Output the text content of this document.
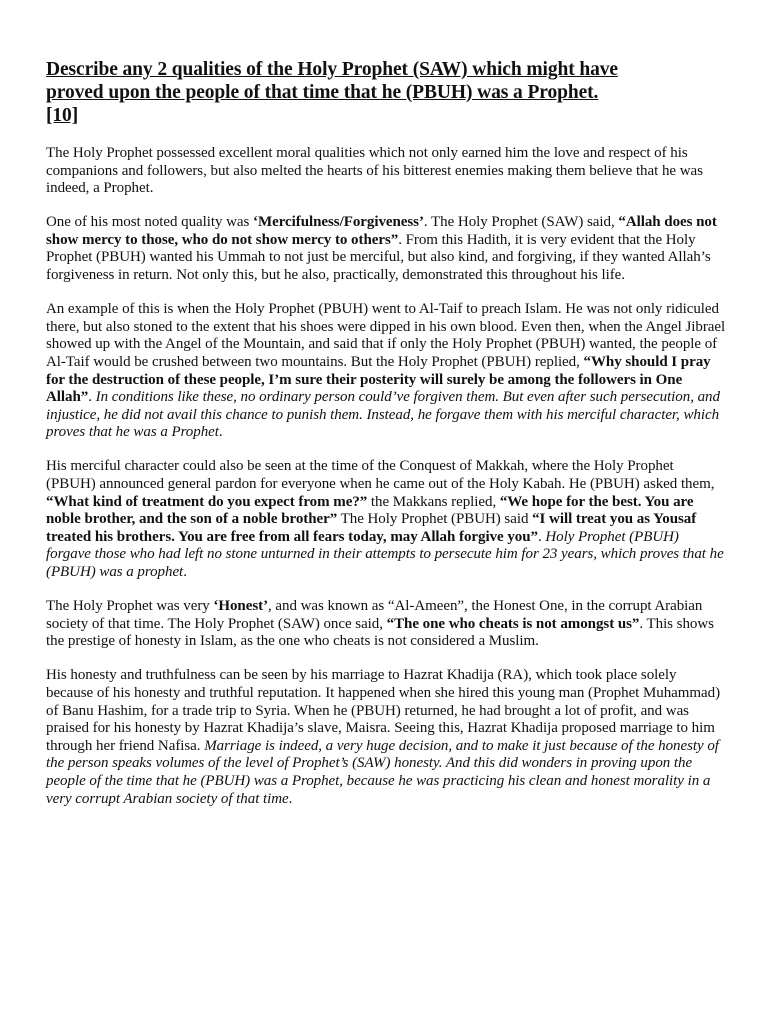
Describe any 2 qualities of the Holy Prophet (SAW) which might have
proved upon the people of that time that he (PBUH) was a Prophet.
[10]

The Holy Prophet possessed excellent moral qualities which not only earned him the love and respect of his companions and followers, but also melted the hearts of his bitterest enemies making them believe that he was indeed, a Prophet.

One of his most noted quality was ‘Mercifulness/Forgiveness’. The Holy Prophet (SAW) said, “Allah does not show mercy to those, who do not show mercy to others”. From this Hadith, it is very evident that the Holy Prophet (PBUH) wanted his Ummah to not just be merciful, but also kind, and forgiving, if they wanted Allah’s forgiveness in return. Not only this, but he also, practically, demonstrated this throughout his life.

An example of this is when the Holy Prophet (PBUH) went to Al-Taif to preach Islam. He was not only ridiculed there, but also stoned to the extent that his shoes were dipped in his own blood. Even then, when the Angel Jibrael showed up with the Angel of the Mountain, and said that if only the Holy Prophet (PBUH) wanted, the people of Al-Taif would be crushed between two mountains. But the Holy Prophet (PBUH) replied, “Why should I pray for the destruction of these people, I’m sure their posterity will surely be among the followers in One Allah”. In conditions like these, no ordinary person could’ve forgiven them. But even after such persecution, and injustice, he did not avail this chance to punish them. Instead, he forgave them with his merciful character, which proves that he was a Prophet.

His merciful character could also be seen at the time of the Conquest of Makkah, where the Holy Prophet (PBUH) announced general pardon for everyone when he came out of the Holy Kabah. He (PBUH) asked them, “What kind of treatment do you expect from me?” the Makkans replied, “We hope for the best. You are noble brother, and the son of a noble brother” The Holy Prophet (PBUH) said “I will treat you as Yousaf treated his brothers. You are free from all fears today, may Allah forgive you”. Holy Prophet (PBUH) forgave those who had left no stone unturned in their attempts to persecute him for 23 years, which proves that he (PBUH) was a prophet.

The Holy Prophet was very ‘Honest’, and was known as “Al-Ameen”, the Honest One, in the corrupt Arabian society of that time. The Holy Prophet (SAW) once said, “The one who cheats is not amongst us”. This shows the prestige of honesty in Islam, as the one who cheats is not considered a Muslim.

His honesty and truthfulness can be seen by his marriage to Hazrat Khadija (RA), which took place solely because of his honesty and truthful reputation. It happened when she hired this young man (Prophet Muhammad) of Banu Hashim, for a trade trip to Syria. When he (PBUH) returned, he had brought a lot of profit, and was praised for his honesty by Hazrat Khadija’s slave, Maisra. Seeing this, Hazrat Khadija proposed marriage to him through her friend Nafisa. Marriage is indeed, a very huge decision, and to make it just because of the honesty of the person speaks volumes of the level of Prophet’s (SAW) honesty. And this did wonders in proving upon the people of the time that he (PBUH) was a Prophet, because he was practicing his clean and honest morality in a very corrupt Arabian society of that time.
